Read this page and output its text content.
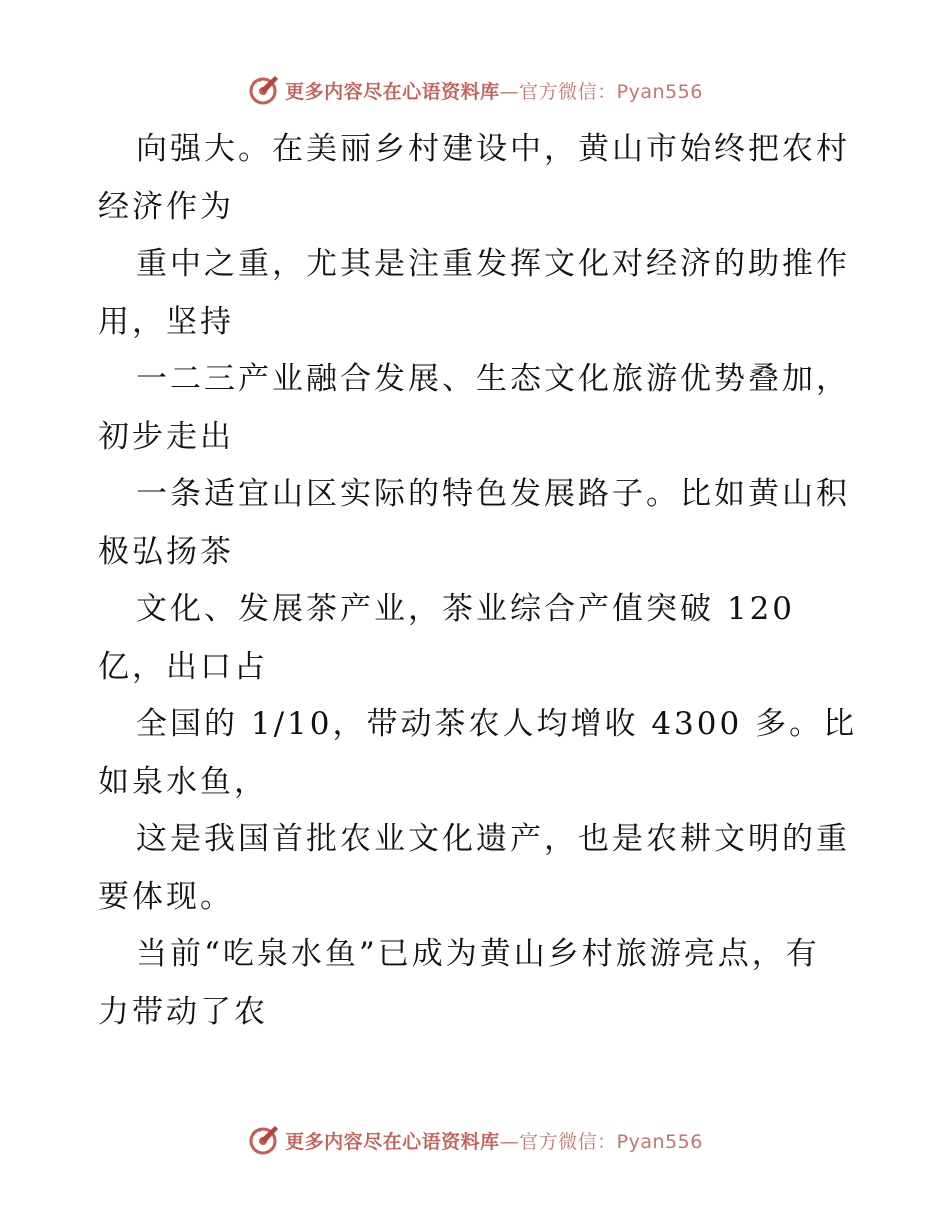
更多内容尽在心语资料库—官方微信：Pyan556
向强大。在美丽乡村建设中，黄山市始终把农村
经济作为
重中之重，尤其是注重发挥文化对经济的助推作
用，坚持
一二三产业融合发展、生态文化旅游优势叠加，
初步走出
一条适宜山区实际的特色发展路子。比如黄山积
极弘扬茶
文化、发展茶产业，茶业综合产值突破 120
亿，出口占
全国的 1/10，带动茶农人均增收 4300 多。比
如泉水鱼，
这是我国首批农业文化遗产，也是农耕文明的重
要体现。
当前“吃泉水鱼”已成为黄山乡村旅游亮点，有
力带动了农
更多内容尽在心语资料库—官方微信：Pyan556
